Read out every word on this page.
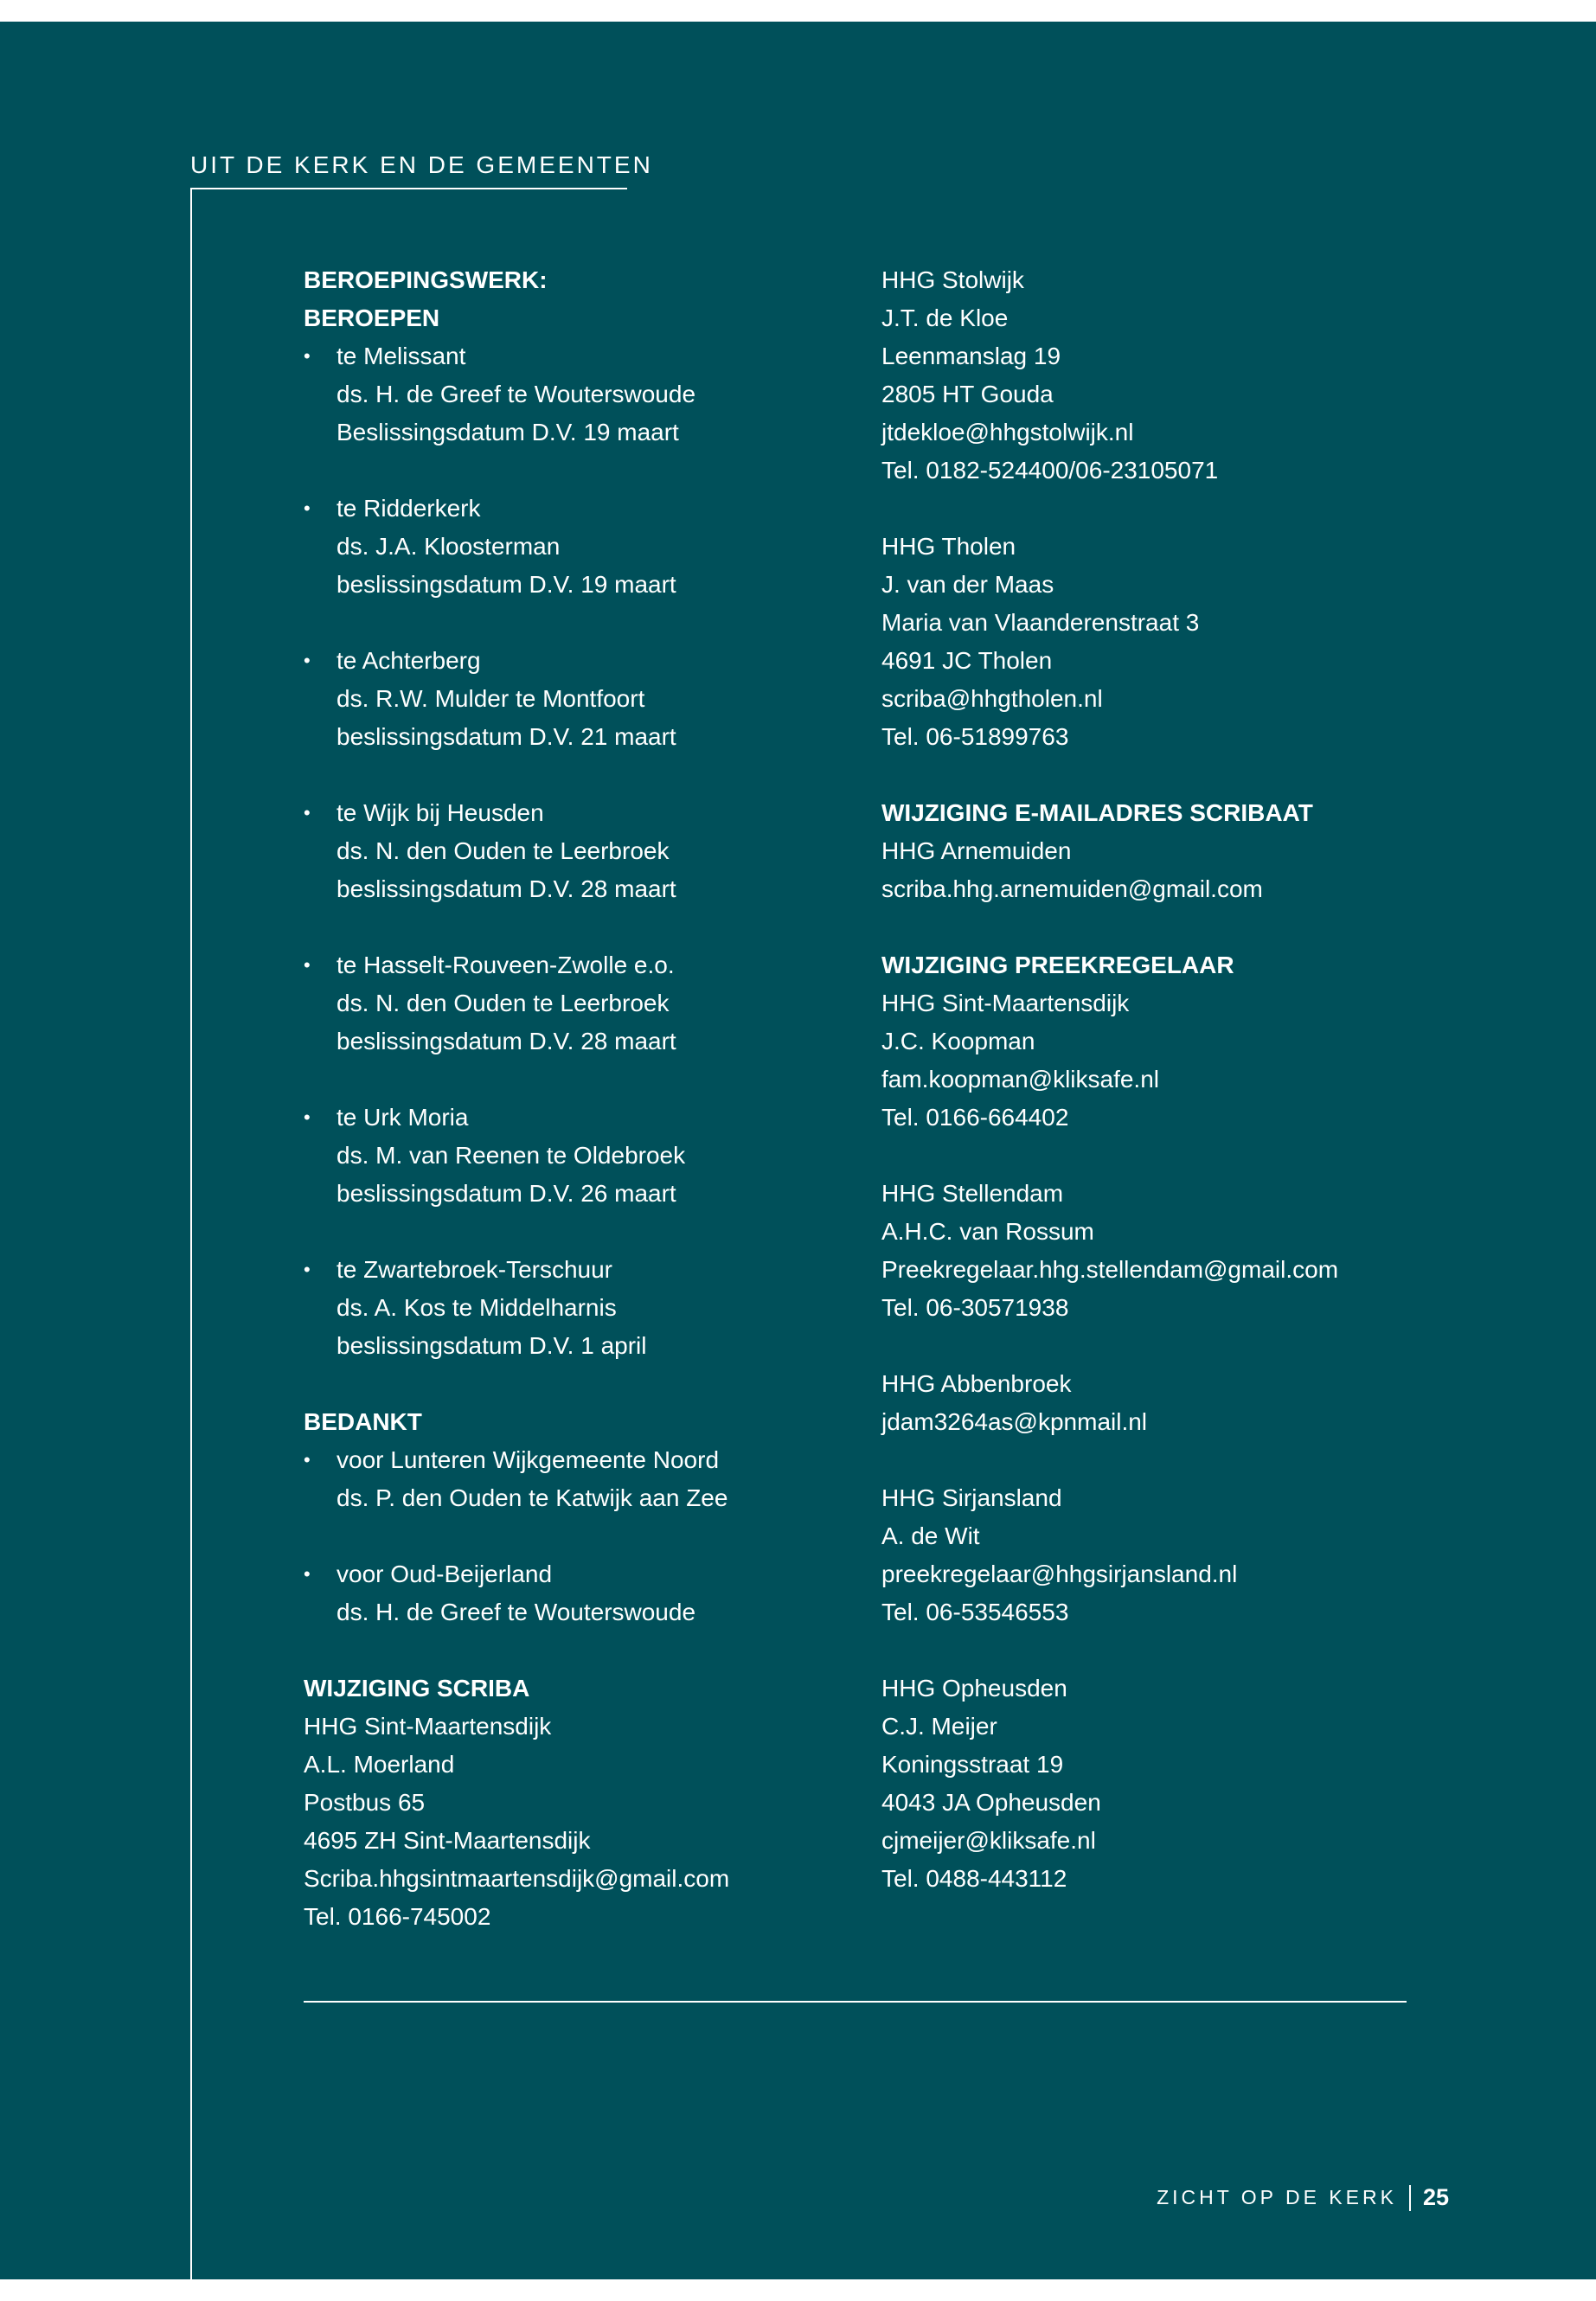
UIT DE KERK EN DE GEMEENTEN
BEROEPINGSWERK:
BEROEPEN
•	te Melissant
ds. H. de Greef te Wouterswoude
Beslissingsdatum D.V. 19 maart
•	te Ridderkerk
ds. J.A. Kloosterman
beslissingsdatum D.V. 19 maart
•	te Achterberg
ds. R.W. Mulder te Montfoort
beslissingsdatum D.V. 21 maart
•	te Wijk bij Heusden
ds. N. den Ouden te Leerbroek
beslissingsdatum D.V. 28 maart
•	te Hasselt-Rouveen-Zwolle e.o.
ds. N. den Ouden te Leerbroek
beslissingsdatum D.V. 28 maart
•	te Urk Moria
ds. M. van Reenen te Oldebroek
beslissingsdatum D.V. 26 maart
•	te Zwartebroek-Terschuur
ds. A. Kos te Middelharnis
beslissingsdatum D.V. 1 april
BEDANKT
•	voor Lunteren Wijkgemeente Noord
ds. P. den Ouden te Katwijk aan Zee
•	voor Oud-Beijerland
ds. H. de Greef te Wouterswoude
WIJZIGING SCRIBA
HHG Sint-Maartensdijk
A.L. Moerland
Postbus 65
4695 ZH Sint-Maartensdijk
Scriba.hhgsintmaartensdijk@gmail.com
Tel. 0166-745002
HHG Stolwijk
J.T. de Kloe
Leenmanslag 19
2805 HT Gouda
jtdekloe@hhgstolwijk.nl
Tel. 0182-524400/06-23105071
HHG Tholen
J. van der Maas
Maria van Vlaanderenstraat 3
4691 JC Tholen
scriba@hhgtholen.nl
Tel. 06-51899763
WIJZIGING E-MAILADRES SCRIBAAT
HHG Arnemuiden
scriba.hhg.arnemuiden@gmail.com
WIJZIGING PREEKREGELAAR
HHG Sint-Maartensdijk
J.C. Koopman
fam.koopman@kliksafe.nl
Tel. 0166-664402
HHG Stellendam
A.H.C. van Rossum
Preekregelaar.hhg.stellendam@gmail.com
Tel. 06-30571938
HHG Abbenbroek
jdam3264as@kpnmail.nl
HHG Sirjansland
A. de Wit
preekregelaar@hhgsirjansland.nl
Tel. 06-53546553
HHG Opheusden
C.J. Meijer
Koningsstraat 19
4043 JA Opheusden
cjmeijer@kliksafe.nl
Tel. 0488-443112
ZICHT OP DE KERK 25
